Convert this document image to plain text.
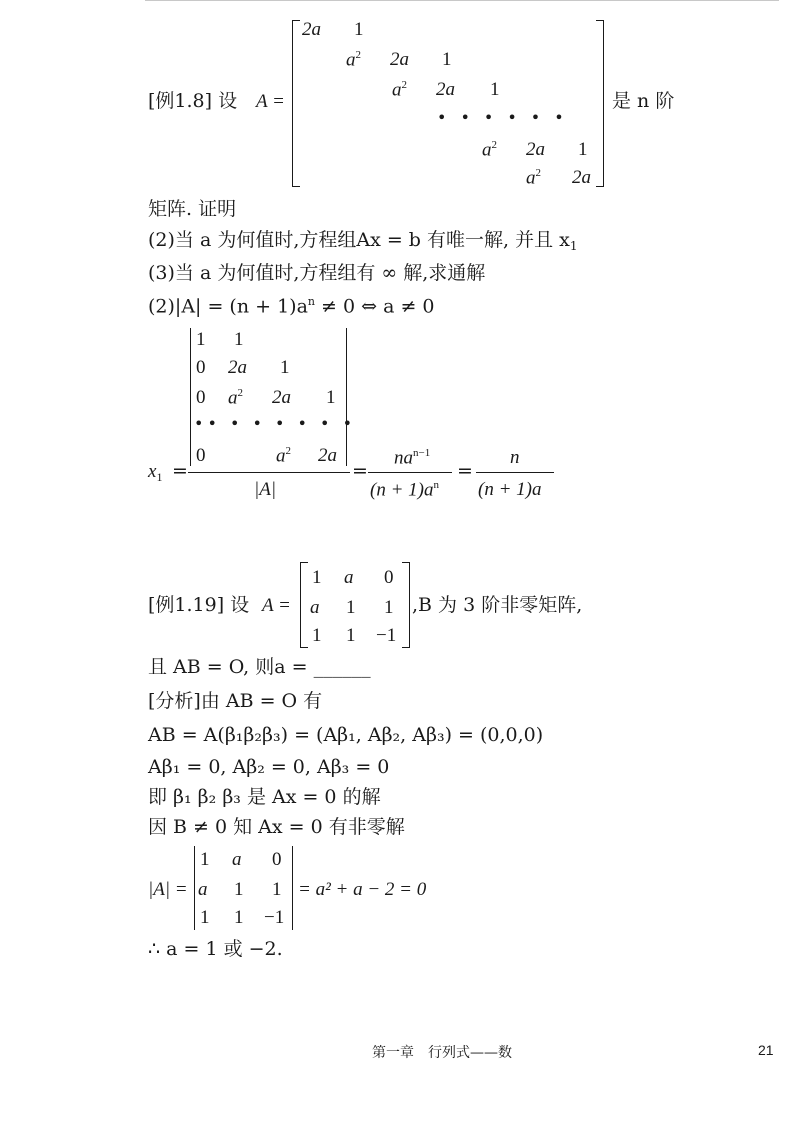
[例1.8] 设 A =
2a 1
$a^2$ 2a 1
$a^2$ 2a 1
••••••
$a^2$ 2a 1
$a^2$ 2a
是 n 阶
矩阵. 证明
(2)当 a 为何值时,方程组Ax = b 有唯一解, 并且 $x_1$
(3)当 a 为何值时,方程组有 ∞ 解,求通解
$(2)|A| = (n + 1)a^n \ne 0$ ⇔ a ≠ 0
1 1
0 2a 1
0 $a^2$ 2a 1
•• • • • • • •
0	$a^2$ 2a
$x_1$ =
|A|
=
$na^{n-1}$
$(n + 1)a^n$
=
n
(n + 1)a
[例1.19] 设 A =
1 a 0
a 1 1
1 1 −1
,B 为 3 阶非零矩阵,
且 AB = O, 则a = ______
[分析]由 AB = O 有
AB = A(β₁β₂β₃) = (Aβ₁, Aβ₂, Aβ₃) = (0,0,0)
Aβ₁ = 0, Aβ₂ = 0, Aβ₃ = 0
即 β₁ β₂ β₃ 是 Ax = 0 的解
因 B ≠ 0 知 Ax = 0 有非零解
|A| =
1 a 0
a 1 1
1 1 −1
= a² + a − 2 = 0
∴ a = 1 或 −2.
第一章　行列式——数	21
